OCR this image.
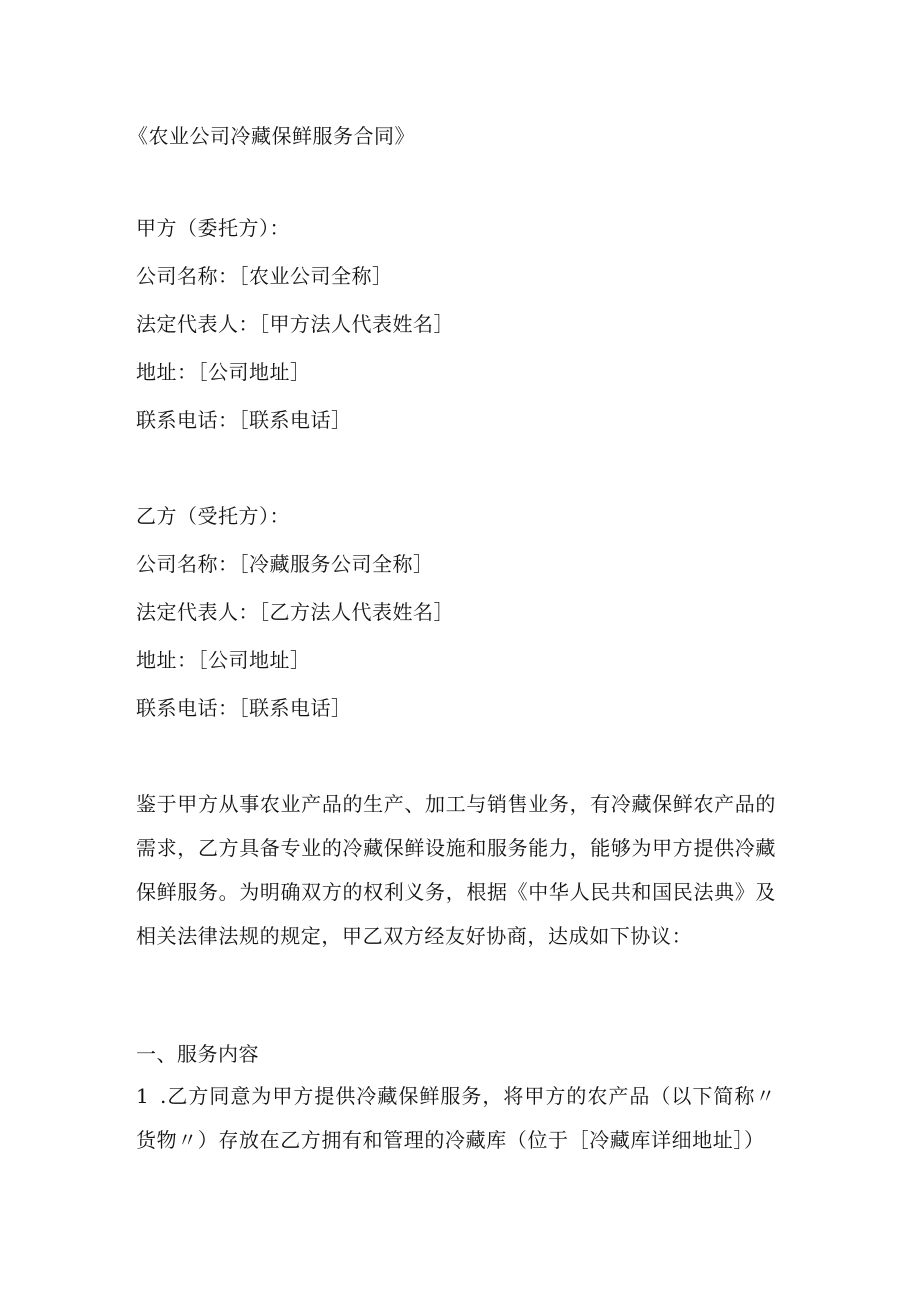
《农业公司冷藏保鲜服务合同》
甲方（委托方）：
公司名称：［农业公司全称］
法定代表人：［甲方法人代表姓名］
地址：［公司地址］
联系电话：［联系电话］
乙方（受托方）：
公司名称：［冷藏服务公司全称］
法定代表人：［乙方法人代表姓名］
地址：［公司地址］
联系电话：［联系电话］
鉴于甲方从事农业产品的生产、加工与销售业务，有冷藏保鲜农产品的需求，乙方具备专业的冷藏保鲜设施和服务能力，能够为甲方提供冷藏保鲜服务。为明确双方的权利义务，根据《中华人民共和国民法典》及相关法律法规的规定，甲乙双方经友好协商，达成如下协议：
一、服务内容
1 .乙方同意为甲方提供冷藏保鲜服务，将甲方的农产品（以下简称〃货物〃）存放在乙方拥有和管理的冷藏库（位于［冷藏库详细地址］）
